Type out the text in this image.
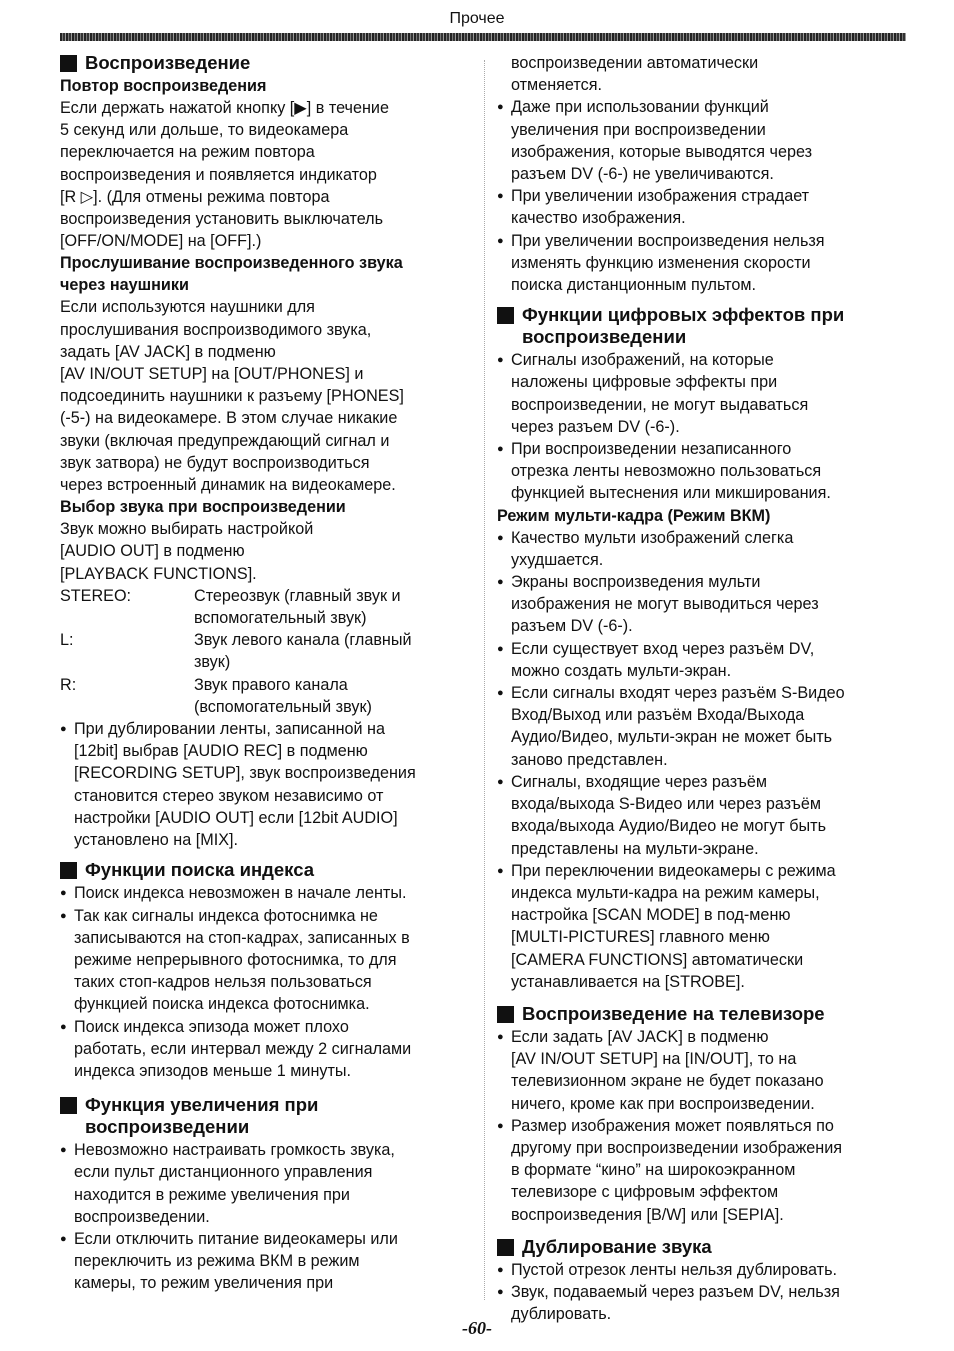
Прочее
Воспроизведение
Повтор воспроизведения

Если держать нажатой кнопку [▶] в течение
5 секунд или дольше, то видеокамера
переключается на режим повтора
воспроизведения и появляется индикатор
[R ▷]. (Для отмены режима повтора
воспроизведения установить выключатель
[OFF/ON/MODE] на [OFF].)

Прослушивание воспроизведенного звука
через наушники

Если используются наушники для
прослушивания воспроизводимого звука,
задать [AV JACK] в подменю
[AV IN/OUT SETUP] на [OUT/PHONES] и
подсоединить наушники к разъему [PHONES]
(-5-) на видеокамере. В этом случае никакие
звуки (включая предупреждающий сигнал и
звук затвора) не будут воспроизводиться
через встроенный динамик на видеокамере.

Выбор звука при воспроизведении

Звук можно выбирать настройкой
[AUDIO OUT] в подменю
[PLAYBACK FUNCTIONS].

STEREO:	Стереозвук (главный звук и
вспомогательный звук)
L:	Звук левого канала (главный
звук)
R:	Звук правого канала
(вспомогательный звук)

● При дублировании ленты, записанной на
[12bit] выбрав [AUDIO REC] в подменю
[RECORDING SETUP], звук воспроизведения
становится стерео звуком независимо от
настройки [AUDIO OUT] если [12bit AUDIO]
установлено на [MIX].

Функции поиска индекса

● Поиск индекса невозможен в начале ленты.

● Так как сигналы индекса фотоснимка не
записываются на стоп-кадрах, записанных в
режиме непрерывного фотоснимка, то для
таких стоп-кадров нельзя пользоваться
функцией поиска индекса фотоснимка.

● Поиск индекса эпизода может плохо
работать, если интервал между 2 сигналами
индекса эпизодов меньше 1 минуты.

Функция увеличения при
воспроизведении

● Невозможно настраивать громкость звука,
если пульт дистанционного управления
находится в режиме увеличения при
воспроизведении.

● Если отключить питание видеокамеры или
переключить из режима ВКМ в режим
камеры, то режим увеличения при

воспроизведении автоматически
отменяется.

● Даже при использовании функций
увеличения при воспроизведении
изображения, которые выводятся через
разъем DV (-6-) не увеличиваются.

● При увеличении изображения страдает
качество изображения.

● При увеличении воспроизведения нельзя
изменять функцию изменения скорости
поиска дистанционным пультом.

Функции цифровых эффектов при
воспроизведении

● Сигналы изображений, на которые
наложены цифровые эффекты при
воспроизведении, не могут выдаваться
через разъем DV (-6-).

● При воспроизведении незаписанного
отрезка ленты невозможно пользоваться
функцией вытеснения или микширования.

Режим мульти-кадра (Режим ВКМ)

● Качество мульти изображений слегка
ухудшается.

● Экраны воспроизведения мульти
изображения не могут выводиться через
разъем DV (-6-).

● Если существует вход через разъём DV,
можно создать мульти-экран.

● Если сигналы входят через разъём S-Видео
Вход/Выход или разъём Входа/Выхода
Аудио/Видео, мульти-экран не может быть
заново представлен.

● Сигналы, входящие через разъём
входа/выхода S-Видео или через разъём
входа/выхода Аудио/Видео не могут быть
представлены на мульти-экране.

● При переключении видеокамеры с режима
индекса мульти-кадра на режим камеры,
настройка [SCAN MODE] в под-меню
[MULTI-PICTURES] главного меню
[CAMERA FUNCTIONS] автоматически
устанавливается на [STROBE].

Воспроизведение на телевизоре

● Если задать [AV JACK] в подменю
[AV IN/OUT SETUP] на [IN/OUT], то на
телевизионном экране не будет показано
ничего, кроме как при воспроизведении.

● Размер изображения может появляться по
другому при воспроизведении изображения
в формате “кино” на широкоэкранном
телевизоре с цифровым эффектом
воспроизведения [B/W] или [SEPIA].

Дублирование звука

● Пустой отрезок ленты нельзя дублировать.

● Звук, подаваемый через разъем DV, нельзя
дублировать.

-60-
